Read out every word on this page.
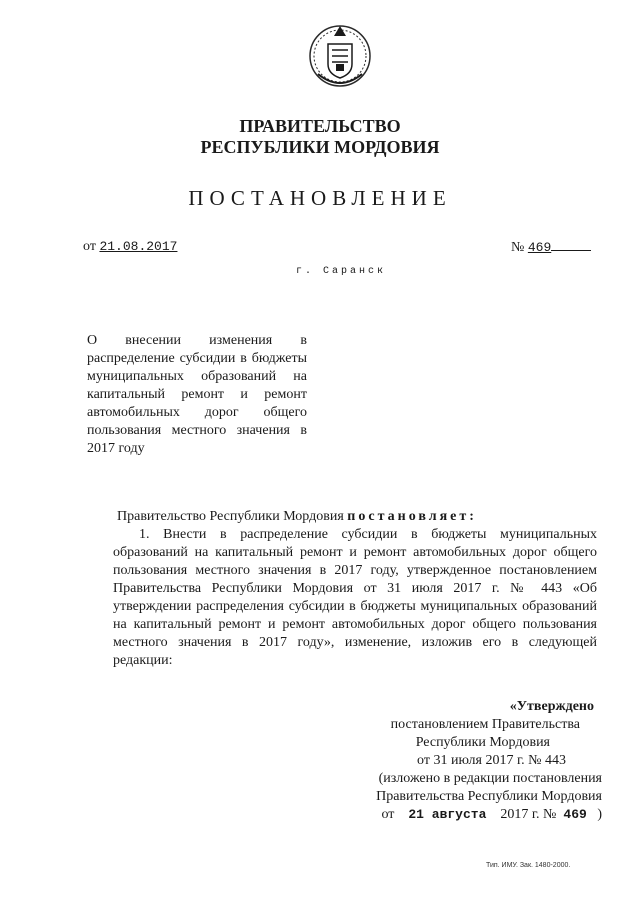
ПРАВИТЕЛЬСТВО
РЕСПУБЛИКИ МОРДОВИЯ
ПОСТАНОВЛЕНИЕ
от 21.08.2017	№ 469
г. Саранск
О внесении изменения в распределение субсидии в бюджеты муниципальных образований на капитальный ремонт и ремонт автомобильных дорог общего пользования местного значения в 2017 году

Правительство Республики Мордовия постановляет:

1. Внести в распределение субсидии в бюджеты муниципальных образований на капитальный ремонт и ремонт автомобильных дорог общего пользования местного значения в 2017 году, утвержденное постановлением Правительства Республики Мордовия от 31 июля 2017 г. № 443 «Об утверждении распределения субсидии в бюджеты муниципальных образований на капитальный ремонт и ремонт автомобильных дорог общего пользования местного значения в 2017 году», изменение, изложив его в следующей редакции:

«Утверждено
постановлением Правительства
Республики Мордовия
от 31 июля 2017 г. № 443
(изложено в редакции постановления
Правительства Республики Мордовия
от 21 августа 2017 г. № 469 )
Тип. ИМУ. Зак. 1480-2000.
